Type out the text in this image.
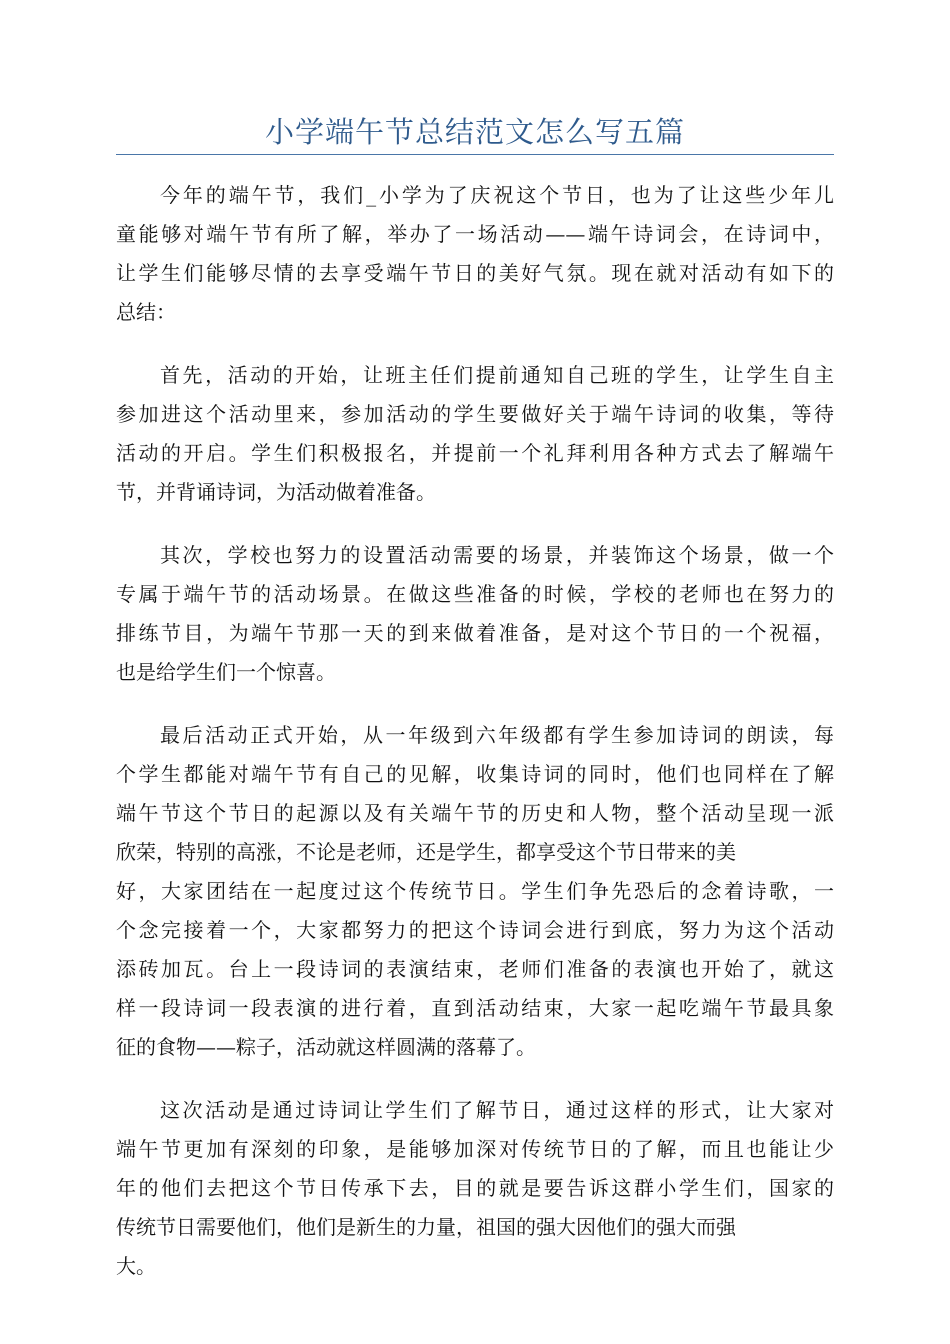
小学端午节总结范文怎么写五篇
今年的端午节，我们_小学为了庆祝这个节日，也为了让这些少年儿
童能够对端午节有所了解，举办了一场活动——端午诗词会，在诗词中，
让学生们能够尽情的去享受端午节日的美好气氛。现在就对活动有如下的
总结：
首先，活动的开始，让班主任们提前通知自己班的学生，让学生自主
参加进这个活动里来，参加活动的学生要做好关于端午诗词的收集，等待
活动的开启。学生们积极报名，并提前一个礼拜利用各种方式去了解端午
节，并背诵诗词，为活动做着准备。
其次，学校也努力的设置活动需要的场景，并装饰这个场景，做一个
专属于端午节的活动场景。在做这些准备的时候，学校的老师也在努力的
排练节目，为端午节那一天的到来做着准备，是对这个节日的一个祝福，
也是给学生们一个惊喜。
最后活动正式开始，从一年级到六年级都有学生参加诗词的朗读，每
个学生都能对端午节有自己的见解，收集诗词的同时，他们也同样在了解
端午节这个节日的起源以及有关端午节的历史和人物，整个活动呈现一派
欣荣，特别的高涨，不论是老师，还是学生，都享受这个节日带来的美
好，大家团结在一起度过这个传统节日。学生们争先恐后的念着诗歌，一
个念完接着一个，大家都努力的把这个诗词会进行到底，努力为这个活动
添砖加瓦。台上一段诗词的表演结束，老师们准备的表演也开始了，就这
样一段诗词一段表演的进行着，直到活动结束，大家一起吃端午节最具象
征的食物——粽子，活动就这样圆满的落幕了。
这次活动是通过诗词让学生们了解节日，通过这样的形式，让大家对
端午节更加有深刻的印象，是能够加深对传统节日的了解，而且也能让少
年的他们去把这个节日传承下去，目的就是要告诉这群小学生们，国家的
传统节日需要他们，他们是新生的力量，祖国的强大因他们的强大而强
大。
